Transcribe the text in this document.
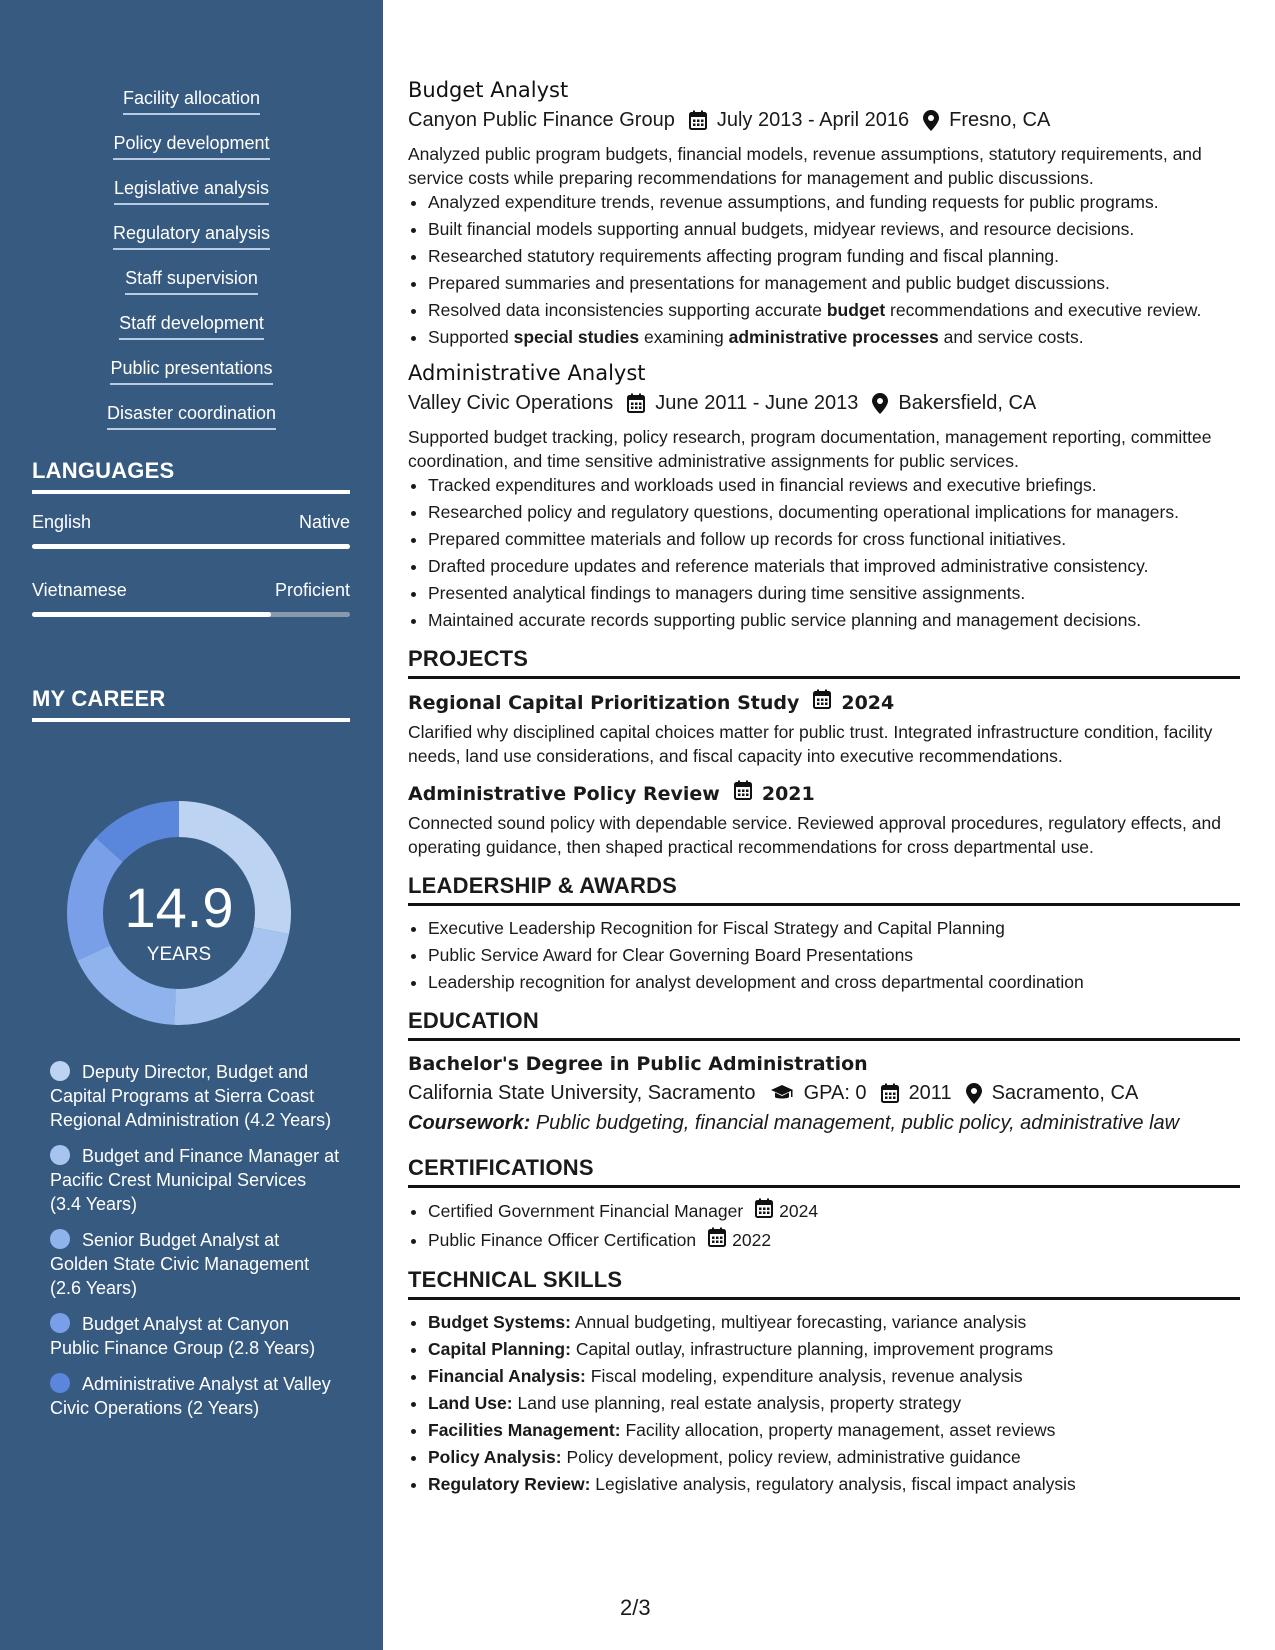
Facility allocation
Policy development
Legislative analysis
Regulatory analysis
Staff supervision
Staff development
Public presentations
Disaster coordination
LANGUAGES
English	Native
Vietnamese	Proficient
MY CAREER
14.9
YEARS
Deputy Director, Budget and Capital Programs at Sierra Coast Regional Administration (4.2 Years)
Budget and Finance Manager at Pacific Crest Municipal Services (3.4 Years)
Senior Budget Analyst at Golden State Civic Management (2.6 Years)
Budget Analyst at Canyon Public Finance Group (2.8 Years)
Administrative Analyst at Valley Civic Operations (2 Years)
Budget Analyst
Canyon Public Finance Group July 2013 - April 2016 Fresno, CA

Analyzed public program budgets, financial models, revenue assumptions, statutory requirements, and service costs while preparing recommendations for management and public discussions.

• Analyzed expenditure trends, revenue assumptions, and funding requests for public programs.
• Built financial models supporting annual budgets, midyear reviews, and resource decisions.
• Researched statutory requirements affecting program funding and fiscal planning.
• Prepared summaries and presentations for management and public budget discussions.
• Resolved data inconsistencies supporting accurate budget recommendations and executive review.
• Supported special studies examining administrative processes and service costs.
Administrative Analyst
Valley Civic Operations June 2011 - June 2013 Bakersfield, CA

Supported budget tracking, policy research, program documentation, management reporting, committee coordination, and time sensitive administrative assignments for public services.

• Tracked expenditures and workloads used in financial reviews and executive briefings.
• Researched policy and regulatory questions, documenting operational implications for managers.
• Prepared committee materials and follow up records for cross functional initiatives.
• Drafted procedure updates and reference materials that improved administrative consistency.
• Presented analytical findings to managers during time sensitive assignments.
• Maintained accurate records supporting public service planning and management decisions.
PROJECTS
Regional Capital Prioritization Study 2024

Clarified why disciplined capital choices matter for public trust. Integrated infrastructure condition, facility needs, land use considerations, and fiscal capacity into executive recommendations.

Administrative Policy Review 2021

Connected sound policy with dependable service. Reviewed approval procedures, regulatory effects, and operating guidance, then shaped practical recommendations for cross departmental use.

LEADERSHIP & AWARDS
• Executive Leadership Recognition for Fiscal Strategy and Capital Planning
• Public Service Award for Clear Governing Board Presentations
• Leadership recognition for analyst development and cross departmental coordination
EDUCATION
Bachelor's Degree in Public Administration
California State University, Sacramento GPA: 0 2011 Sacramento, CA
Coursework: Public budgeting, financial management, public policy, administrative law
CERTIFICATIONS
• Certified Government Financial Manager 2024
• Public Finance Officer Certification 2022
TECHNICAL SKILLS
• Budget Systems: Annual budgeting, multiyear forecasting, variance analysis
• Capital Planning: Capital outlay, infrastructure planning, improvement programs
• Financial Analysis: Fiscal modeling, expenditure analysis, revenue analysis
• Land Use: Land use planning, real estate analysis, property strategy
• Facilities Management: Facility allocation, property management, asset reviews
• Policy Analysis: Policy development, policy review, administrative guidance
• Regulatory Review: Legislative analysis, regulatory analysis, fiscal impact analysis
2/3
